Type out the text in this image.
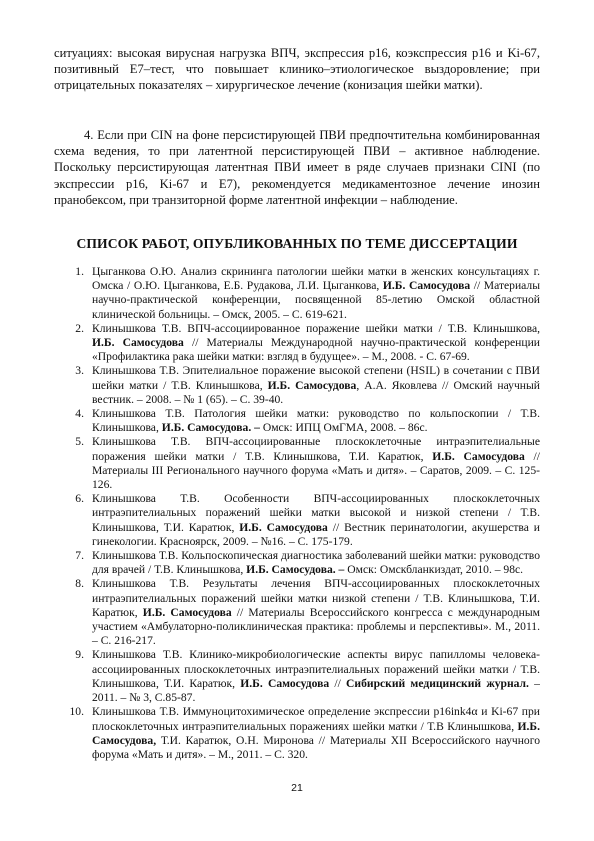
ситуациях: высокая вирусная нагрузка ВПЧ, экспрессия p16, коэкспрессия p16 и Ki-67, позитивный Е7–тест, что повышает клинико–этиологическое выздоровление; при отрицательных показателях – хирургическое лечение (конизация шейки матки).

4. Если при CIN на фоне персистирующей ПВИ предпочтительна комбинированная схема ведения, то при латентной персистирующей ПВИ – активное наблюдение. Поскольку персистирующая латентная ПВИ имеет в ряде случаев признаки CINI (по экспрессии p16, Ki-67 и Е7), рекомендуется медикаментозное лечение инозин пранобексом, при транзиторной форме латентной инфекции – наблюдение.

СПИСОК РАБОТ, ОПУБЛИКОВАННЫХ ПО ТЕМЕ ДИССЕРТАЦИИ
1. Цыганкова О.Ю. Анализ скрининга патологии шейки матки в женских консультациях г. Омска / О.Ю. Цыганкова, Е.Б. Рудакова, Л.И. Цыганкова, И.Б. Самосудова // Материалы научно-практической конференции, посвященной 85-летию Омской областной клинической больницы. – Омск, 2005. – С. 619-621.
2. Клинышкова Т.В. ВПЧ-ассоциированное поражение шейки матки / Т.В. Клинышкова, И.Б. Самосудова // Материалы Международной научно-практической конференции «Профилактика рака шейки матки: взгляд в будущее». – М., 2008. - С. 67-69.
3. Клинышкова Т.В. Эпителиальное поражение высокой степени (HSIL) в сочетании с ПВИ шейки матки / Т.В. Клинышкова, И.Б. Самосудова, А.А. Яковлева // Омский научный вестник. – 2008. – № 1 (65). – С. 39-40.
4. Клинышкова Т.В. Патология шейки матки: руководство по кольпоскопии / Т.В. Клинышкова, И.Б. Самосудова. – Омск: ИПЦ ОмГМА, 2008. – 86с.
5. Клинышкова Т.В. ВПЧ-ассоциированные плоскоклеточные интраэпителиальные поражения шейки матки / Т.В. Клинышкова, Т.И. Каратюк, И.Б. Самосудова // Материалы III Регионального научного форума «Мать и дитя». – Саратов, 2009. – С. 125-126.
6. Клинышкова Т.В. Особенности ВПЧ-ассоциированных плоскоклеточных интраэпителиальных поражений шейки матки высокой и низкой степени / Т.В. Клинышкова, Т.И. Каратюк, И.Б. Самосудова // Вестник перинатологии, акушерства и гинекологии. Красноярск, 2009. – №16. – С. 175-179.
7. Клинышкова Т.В. Кольпоскопическая диагностика заболеваний шейки матки: руководство для врачей / Т.В. Клинышкова, И.Б. Самосудова. – Омск: Омскбланкиздат, 2010. – 98с.
8. Клинышкова Т.В. Результаты лечения ВПЧ-ассоциированных плоскоклеточных интраэпителиальных поражений шейки матки низкой степени / Т.В. Клинышкова, Т.И. Каратюк, И.Б. Самосудова // Материалы Всероссийского конгресса с международным участием «Амбулаторно-поликлиническая практика: проблемы и перспективы». М., 2011. – С. 216-217.
9. Клинышкова Т.В. Клинико-микробиологические аспекты вирус папилломы человека-ассоциированных плоскоклеточных интраэпителиальных поражений шейки матки / Т.В. Клинышкова, Т.И. Каратюк, И.Б. Самосудова // Сибирский медицинский журнал. – 2011. – № 3, С.85-87.
10. Клинышкова Т.В. Иммуноцитохимическое определение экспрессии p16ink4α и Ki-67 при плоскоклеточных интраэпителиальных поражениях шейки матки / Т.В Клинышкова, И.Б. Самосудова, Т.И. Каратюк, О.Н. Миронова // Материалы XII Всероссийского научного форума «Мать и дитя». – М., 2011. – С. 320.
21
